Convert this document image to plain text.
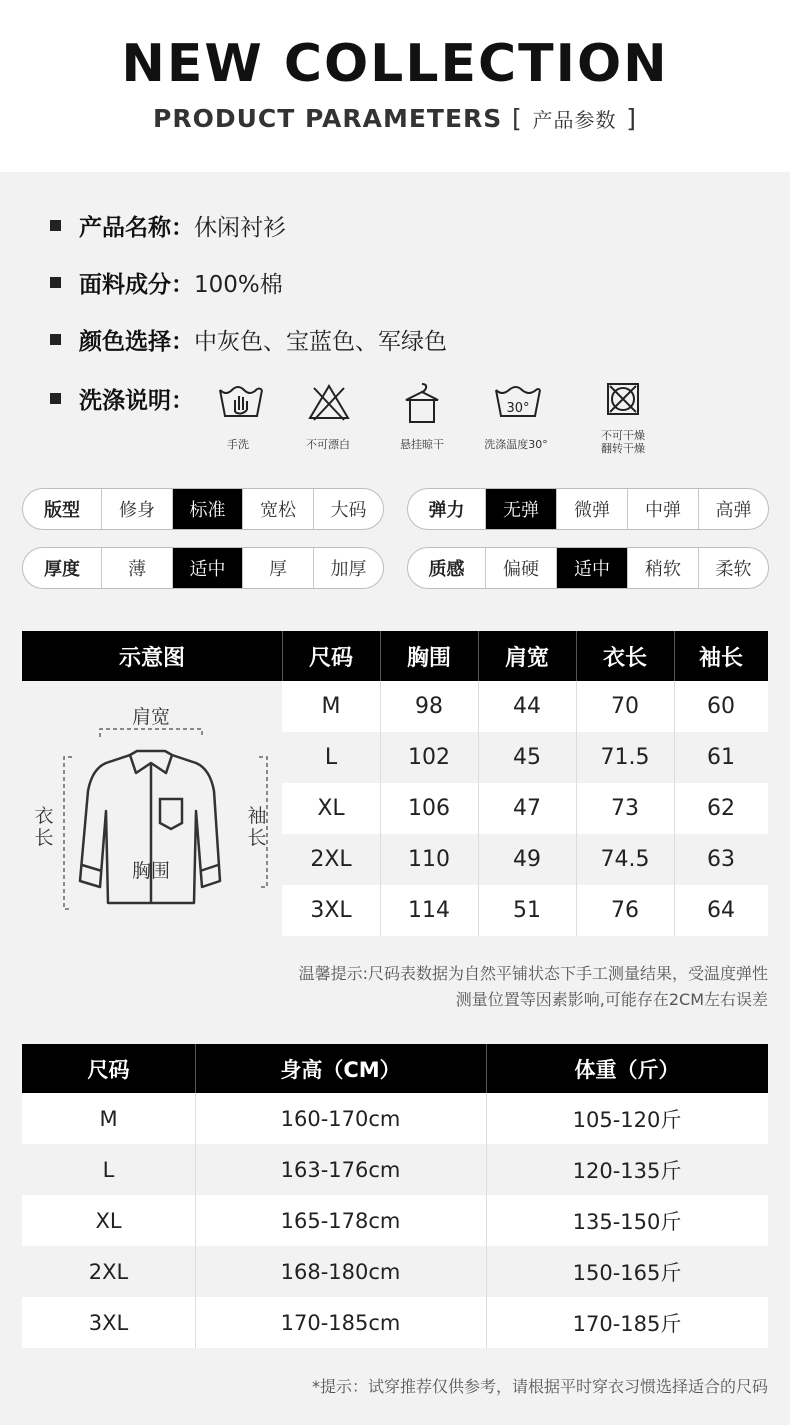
NEW COLLECTION
PRODUCT PARAMETERS [ 产品参数 ]
产品名称： 休闲衬衫
面料成分： 100%棉
颜色选择： 中灰色、宝蓝色、军绿色
洗涤说明：
手洗	不可漂白	悬挂晾干
30°
洗涤温度30°
不可干燥
翻转干燥
版型	修身	标准	宽松	大码	弹力	无弹	微弹	中弹	高弹
厚度	薄	适中	厚	加厚	质感	偏硬	适中	稍软	柔软
示意图	尺码	胸围	肩宽	衣长	袖长
肩宽
胸围
衣长
袖长
M	98	44	70	60
L	102	45	71.5	61
XL	106	47	73	62
2XL	110	49	74.5	63
3XL	114	51	76	64
温馨提示:尺码表数据为自然平铺状态下手工测量结果，受温度弹性
测量位置等因素影响,可能存在2CM左右误差
尺码	身高（CM）	体重（斤）
M	160-170cm	105-120斤
L	163-176cm	120-135斤
XL	165-178cm	135-150斤
2XL	168-180cm	150-165斤
3XL	170-185cm	170-185斤
*提示：试穿推荐仅供参考，请根据平时穿衣习惯选择适合的尺码
